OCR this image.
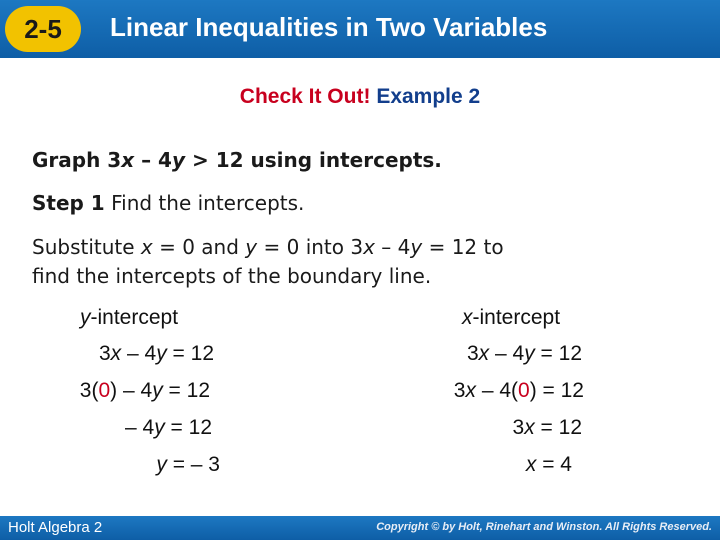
2-5	Linear Inequalities in Two Variables
Check It Out! Example 2
Graph 3x – 4y > 12 using intercepts.
Step 1 Find the intercepts.
Substitute x = 0 and y = 0 into 3x – 4y = 12 to
find the intercepts of the boundary line.
y-intercept
3x – 4y = 12
3(0) – 4y = 12
– 4y = 12
y = – 3
x-intercept
3x – 4y = 12
3x – 4(0) = 12
3x = 12
x = 4
Holt Algebra 2	Copyright © by Holt, Rinehart and Winston. All Rights Reserved.
